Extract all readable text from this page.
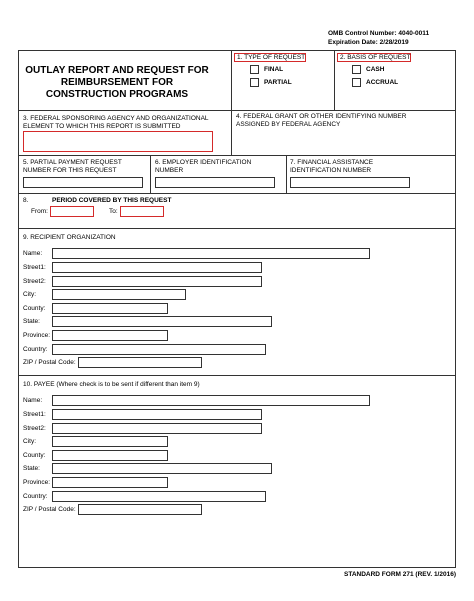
OMB Control Number: 4040-0011
Expiration Date: 2/28/2019
OUTLAY REPORT AND REQUEST FOR
REIMBURSEMENT FOR
CONSTRUCTION PROGRAMS
1. TYPE OF REQUEST
FINAL
PARTIAL
2. BASIS OF REQUEST
CASH
ACCRUAL
3. FEDERAL SPONSORING AGENCY AND ORGANIZATIONAL
ELEMENT TO WHICH THIS REPORT IS SUBMITTED
4. FEDERAL GRANT OR OTHER IDENTIFYING NUMBER
ASSIGNED BY FEDERAL AGENCY
5. PARTIAL PAYMENT REQUEST
NUMBER FOR THIS REQUEST
6. EMPLOYER IDENTIFICATION
NUMBER
7. FINANCIAL ASSISTANCE
IDENTIFICATION NUMBER
8.	PERIOD COVERED BY THIS REQUEST
From:	To:
9. RECIPIENT ORGANIZATION
Name:
Street1:
Street2:
City:
County:
State:
Province:
Country:
ZIP / Postal Code:
10. PAYEE (Where check is to be sent if different than item 9)
Name:
Street1:
Street2:
City:
County:
State:
Province:
Country:
ZIP / Postal Code:
STANDARD FORM 271 (REV. 1/2016)
